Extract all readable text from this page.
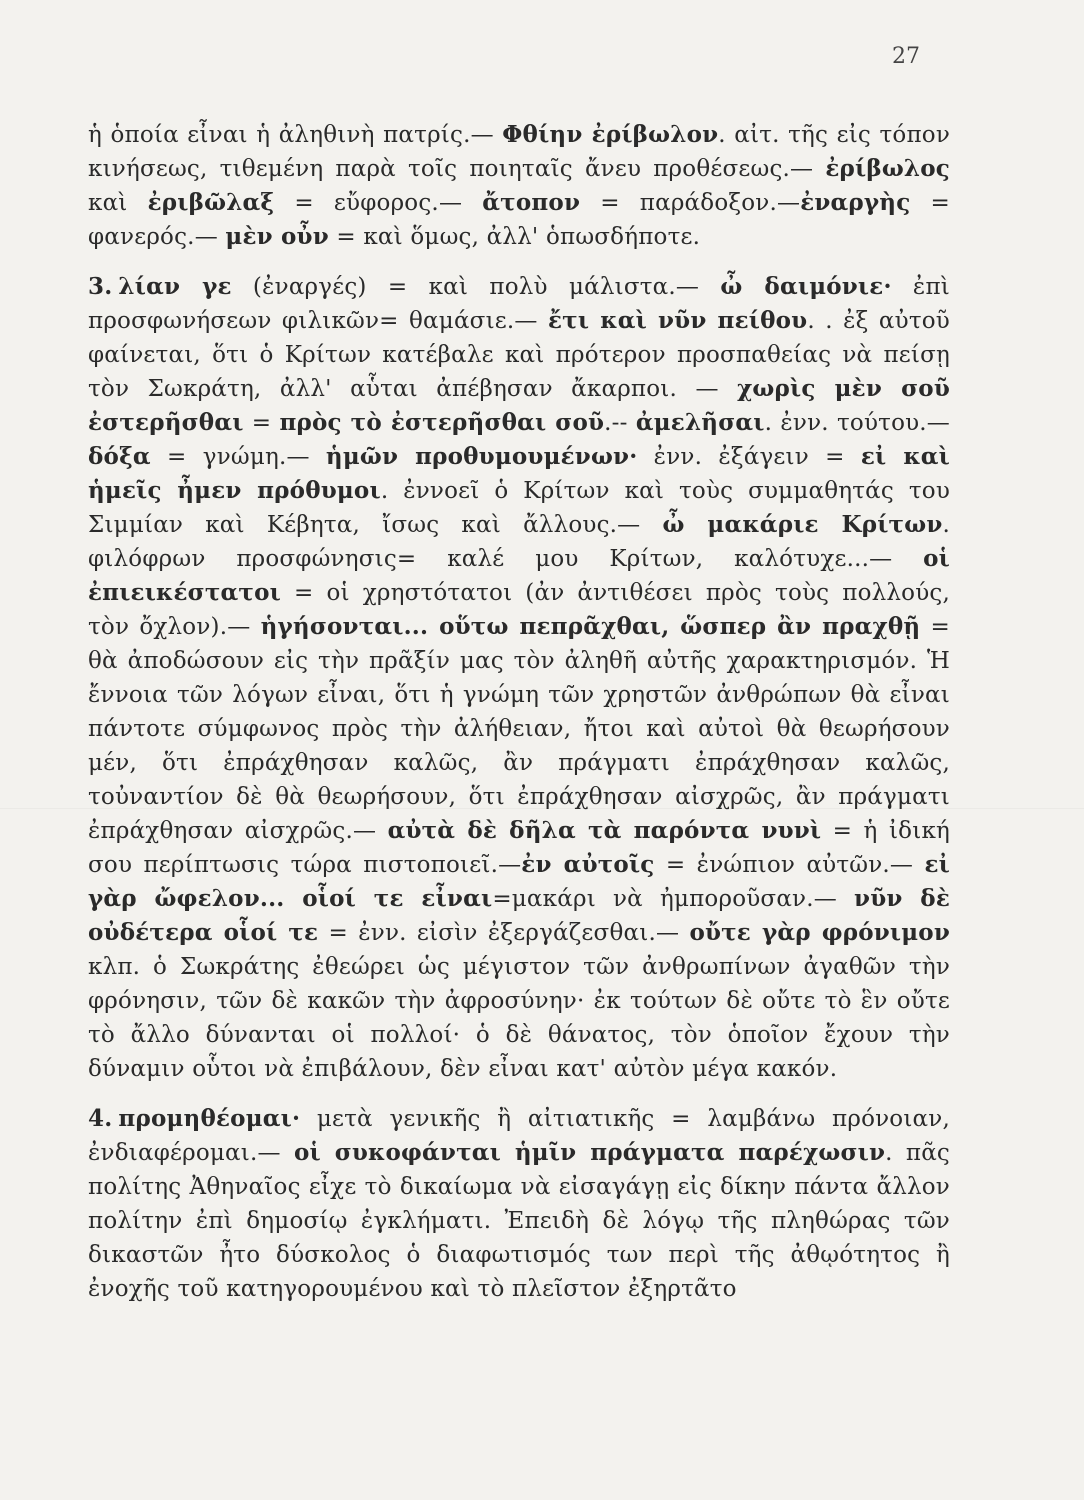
27

ἡ ὁποία εἶναι ἡ ἀληθινὴ πατρίς.— Φθίην ἐρίβωλον. αἰτ. τῆς εἰς τόπον κινήσεως, τιθεμένη παρὰ τοῖς ποιηταῖς ἄνευ προθέσεως.— ἐρίβωλος καὶ ἐριβῶλαξ = εὔφορος.— ἄτοπον = παράδοξον.—ἐναργὴς = φανερός.— μὲν οὖν = καὶ ὅμως, ἀλλ' ὁπωσδήποτε.

3. λίαν γε (ἐναργές) = καὶ πολὺ μάλιστα.— ὦ δαιμόνιε· ἐπὶ προσφωνήσεων φιλικῶν= θαμάσιε.— ἔτι καὶ νῦν πείθου. . ἐξ αὐτοῦ φαίνεται, ὅτι ὁ Κρίτων κατέβαλε καὶ πρότερον προσπαθείας νὰ πείσῃ τὸν Σωκράτη, ἀλλ' αὗται ἀπέβησαν ἄκαρποι. — χωρὶς μὲν σοῦ ἐστερῆσθαι = πρὸς τὸ ἐστερῆσθαι σοῦ.-- ἀμελῆσαι. ἐνν. τούτου.— δόξα = γνώμη.— ἡμῶν προθυμουμένων· ἐνν. ἐξάγειν = εἰ καὶ ἡμεῖς ἦμεν πρόθυμοι. ἐννοεῖ ὁ Κρίτων καὶ τοὺς συμμαθητάς του Σιμμίαν καὶ Κέβητα, ἴσως καὶ ἄλλους.— ὦ μακάριε Κρίτων. φιλόφρων προσφώνησις= καλέ μου Κρίτων, καλότυχε...— οἱ ἐπιεικέστατοι = οἱ χρηστότατοι (ἀν ἀντιθέσει πρὸς τοὺς πολλούς, τὸν ὄχλον).— ἡγήσονται... οὕτω πεπρᾶχθαι, ὥσπερ ἂν πραχθῇ = θὰ ἀποδώσουν εἰς τὴν πρᾶξίν μας τὸν ἀληθῆ αὐτῆς χαρακτηρισμόν. Ἡ ἔννοια τῶν λόγων εἶναι, ὅτι ἡ γνώμη τῶν χρηστῶν ἀνθρώπων θὰ εἶναι πάντοτε σύμφωνος πρὸς τὴν ἀλήθειαν, ἤτοι καὶ αὐτοὶ θὰ θεωρήσουν μέν, ὅτι ἐπράχθησαν καλῶς, ἂν πράγματι ἐπράχθησαν καλῶς, τοὐναντίον δὲ θὰ θεωρήσουν, ὅτι ἐπράχθησαν αἰσχρῶς, ἂν πράγματι ἐπράχθησαν αἰσχρῶς.— αὐτὰ δὲ δῆλα τὰ παρόντα νυνὶ = ἡ ἰδική σου περίπτωσις τώρα πιστοποιεῖ.—ἐν αὐτοῖς = ἐνώπιον αὐτῶν.— εἰ γὰρ ὤφελον... οἷοί τε εἶναι=μακάρι νὰ ἠμποροῦσαν.— νῦν δὲ οὐδέτερα οἷοί τε = ἐνν. εἰσὶν ἐξεργάζεσθαι.— οὔτε γὰρ φρόνιμον κλπ. ὁ Σωκράτης ἐθεώρει ὡς μέγιστον τῶν ἀνθρωπίνων ἀγαθῶν τὴν φρόνησιν, τῶν δὲ κακῶν τὴν ἀφροσύνην· ἐκ τούτων δὲ οὔτε τὸ ἓν οὔτε τὸ ἄλλο δύνανται οἱ πολλοί· ὁ δὲ θάνατος, τὸν ὁποῖον ἔχουν τὴν δύναμιν οὗτοι νὰ ἐπιβάλουν, δὲν εἶναι κατ' αὐτὸν μέγα κακόν.

4. προμηθέομαι· μετὰ γενικῆς ἢ αἰτιατικῆς = λαμβάνω πρόνοιαν, ἐνδιαφέρομαι.— οἱ συκοφάνται ἡμῖν πράγματα παρέχωσιν. πᾶς πολίτης Ἀθηναῖος εἶχε τὸ δικαίωμα νὰ εἰσαγάγῃ εἰς δίκην πάντα ἄλλον πολίτην ἐπὶ δημοσίῳ ἐγκλήματι. Ἐπειδὴ δὲ λόγῳ τῆς πληθώρας τῶν δικαστῶν ἦτο δύσκολος ὁ διαφωτισμός των περὶ τῆς ἀθῳότητος ἢ ἐνοχῆς τοῦ κατηγορουμένου καὶ τὸ πλεῖστον ἐξηρτᾶτο
